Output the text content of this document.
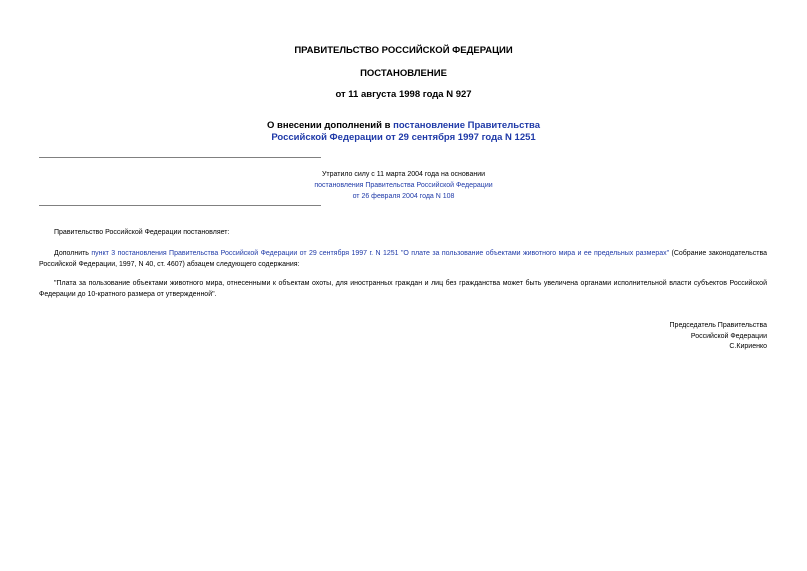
ПРАВИТЕЛЬСТВО РОССИЙСКОЙ ФЕДЕРАЦИИ
ПОСТАНОВЛЕНИЕ
от 11 августа 1998 года N 927
О внесении дополнений в постановление Правительства
Российской Федерации от 29 сентября 1997 года N 1251
Утратило силу с 11 марта 2004 года на основании
постановления Правительства Российской Федерации
от 26 февраля 2004 года N 108
Правительство Российской Федерации постановляет:
Дополнить пункт 3 постановления Правительства Российской Федерации от 29 сентября 1997 г. N 1251 "О плате за пользование объектами животного мира и ее предельных размерах" (Собрание законодательства Российской Федерации, 1997, N 40, ст. 4607) абзацем следующего содержания:
"Плата за пользование объектами животного мира, отнесенными к объектам охоты, для иностранных граждан и лиц без гражданства может быть увеличена органами исполнительной власти субъектов Российской Федерации до 10-кратного размера от утвержденной".
Председатель Правительства
Российской Федерации
С.Кириенко
